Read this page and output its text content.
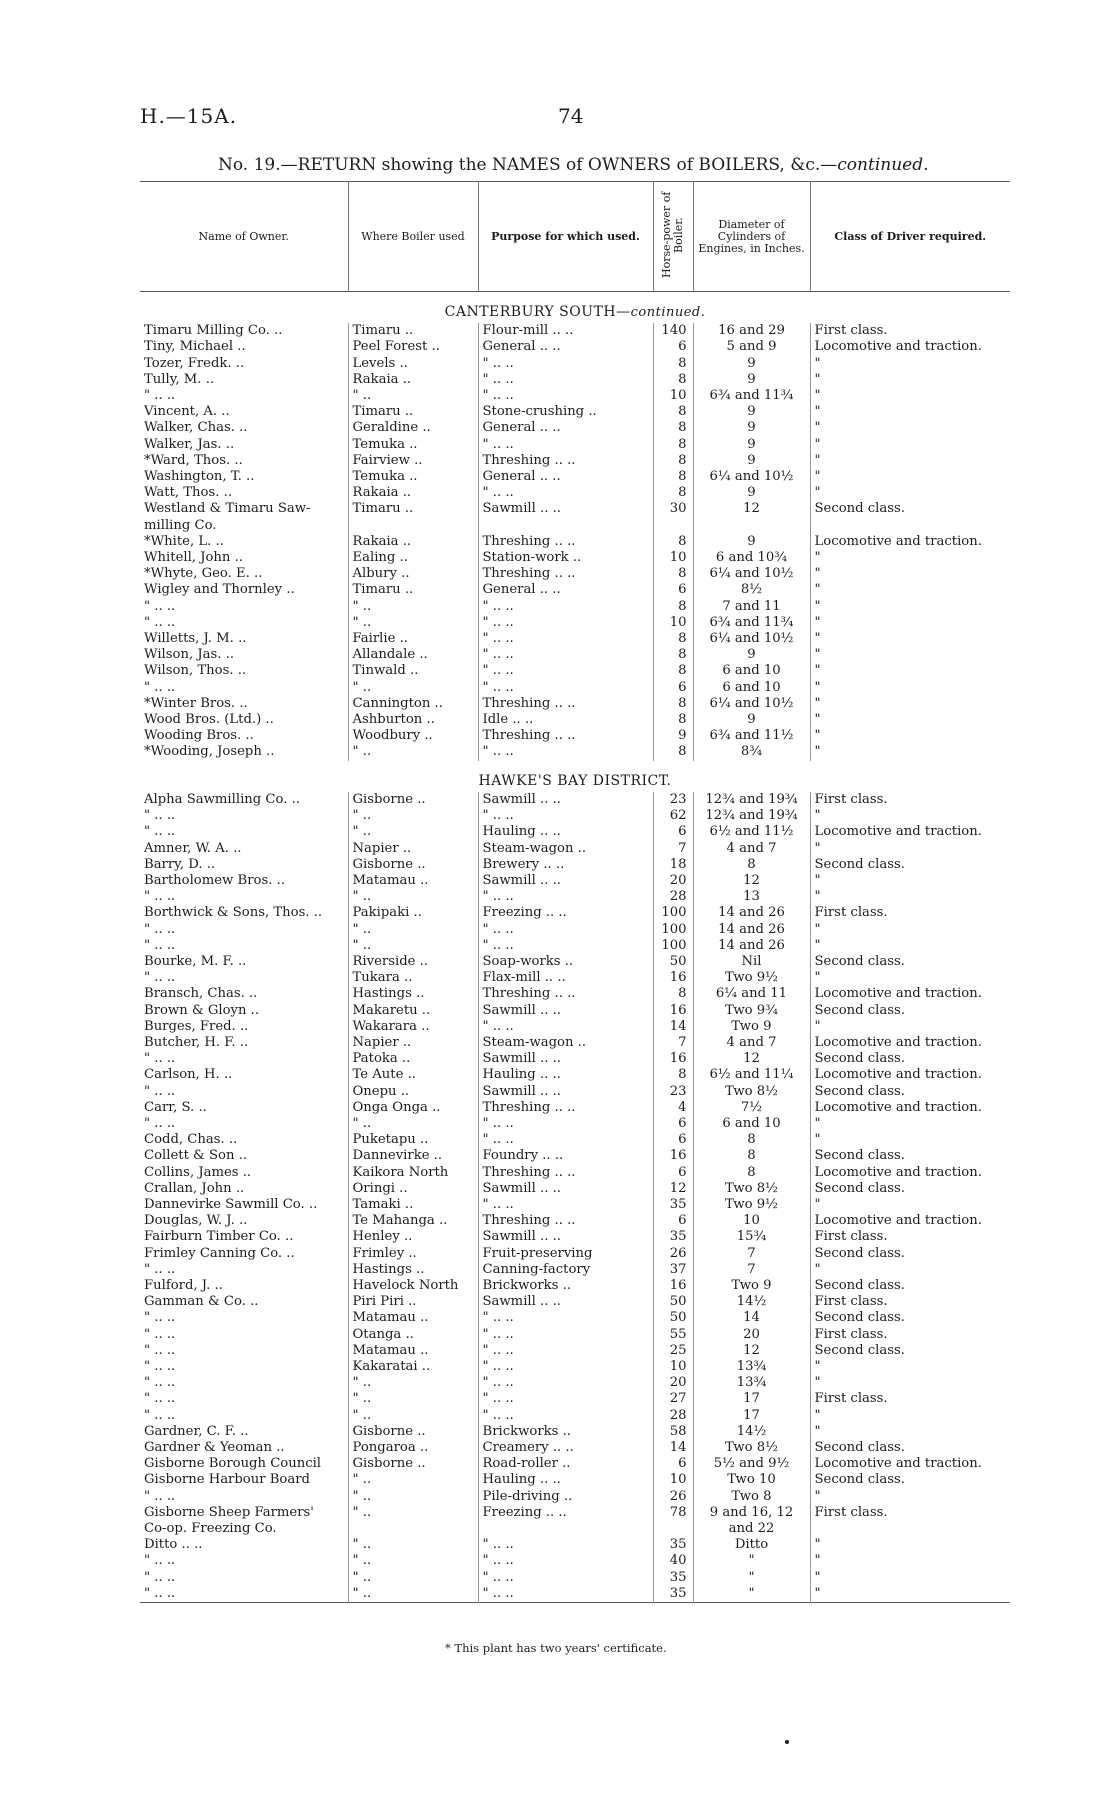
H.—15A.	74
No. 19.—RETURN showing the NAMES of OWNERS of BOILERS, &c.—continued.
Name of Owner.	Where Boiler used	Purpose for which used.	Horse-power of Boiler.	Diameter of Cylinders of Engines, in Inches.	Class of Driver required.
CANTERBURY SOUTH—continued.					
Timaru Milling Co. ..	Timaru ..	Flour-mill .. ..	140	16 and 29	First class.
Tiny, Michael ..	Peel Forest ..	General .. ..	6	5 and 9	Locomotive and traction.
Tozer, Fredk. ..	Levels ..	" .. ..	8	9	"
Tully, M. ..	Rakaia ..	" .. ..	8	9	"
" .. ..	" ..	" .. ..	10	6¾ and 11¾	"
Vincent, A. ..	Timaru ..	Stone-crushing ..	8	9	"
Walker, Chas. ..	Geraldine ..	General .. ..	8	9	"
Walker, Jas. ..	Temuka ..	" .. ..	8	9	"
*Ward, Thos. ..	Fairview ..	Threshing .. ..	8	9	"
Washington, T. ..	Temuka ..	General .. ..	8	6¼ and 10½	"
Watt, Thos. ..	Rakaia ..	" .. ..	8	9	"
Westland & Timaru Saw-	Timaru ..	Sawmill .. ..	30	12	Second class.
milling Co.					
*White, L. ..	Rakaia ..	Threshing .. ..	8	9	Locomotive and traction.
Whitell, John ..	Ealing ..	Station-work ..	10	6 and 10¾	"
*Whyte, Geo. E. ..	Albury ..	Threshing .. ..	8	6¼ and 10½	"
Wigley and Thornley ..	Timaru ..	General .. ..	6	8½	"
" .. ..	" ..	" .. ..	8	7 and 11	"
" .. ..	" ..	" .. ..	10	6¾ and 11¾	"
Willetts, J. M. ..	Fairlie ..	" .. ..	8	6¼ and 10½	"
Wilson, Jas. ..	Allandale ..	" .. ..	8	9	"
Wilson, Thos. ..	Tinwald ..	" .. ..	8	6 and 10	"
" .. ..	" ..	" .. ..	6	6 and 10	"
*Winter Bros. ..	Cannington ..	Threshing .. ..	8	6¼ and 10½	"
Wood Bros. (Ltd.) ..	Ashburton ..	Idle .. ..	8	9	"
Wooding Bros. ..	Woodbury ..	Threshing .. ..	9	6¾ and 11½	"
*Wooding, Joseph ..	" ..	" .. ..	8	8¾	"
HAWKE'S BAY DISTRICT.					
Alpha Sawmilling Co. ..	Gisborne ..	Sawmill .. ..	23	12¾ and 19¾	First class.
" .. ..	" ..	" .. ..	62	12¾ and 19¾	"
" .. ..	" ..	Hauling .. ..	6	6½ and 11½	Locomotive and traction.
Amner, W. A. ..	Napier ..	Steam-wagon ..	7	4 and 7	"
Barry, D. ..	Gisborne ..	Brewery .. ..	18	8	Second class.
Bartholomew Bros. ..	Matamau ..	Sawmill .. ..	20	12	"
" .. ..	" ..	" .. ..	28	13	"
Borthwick & Sons, Thos. ..	Pakipaki ..	Freezing .. ..	100	14 and 26	First class.
" .. ..	" ..	" .. ..	100	14 and 26	"
" .. ..	" ..	" .. ..	100	14 and 26	"
Bourke, M. F. ..	Riverside ..	Soap-works ..	50	Nil	Second class.
" .. ..	Tukara ..	Flax-mill .. ..	16	Two 9½	"
Bransch, Chas. ..	Hastings ..	Threshing .. ..	8	6¼ and 11	Locomotive and traction.
Brown & Gloyn ..	Makaretu ..	Sawmill .. ..	16	Two 9¾	Second class.
Burges, Fred. ..	Wakarara ..	" .. ..	14	Two 9	"
Butcher, H. F. ..	Napier ..	Steam-wagon ..	7	4 and 7	Locomotive and traction.
" .. ..	Patoka ..	Sawmill .. ..	16	12	Second class.
Carlson, H. ..	Te Aute ..	Hauling .. ..	8	6½ and 11¼	Locomotive and traction.
" .. ..	Onepu ..	Sawmill .. ..	23	Two 8½	Second class.
Carr, S. ..	Onga Onga ..	Threshing .. ..	4	7½	Locomotive and traction.
" .. ..	" ..	" .. ..	6	6 and 10	"
Codd, Chas. ..	Puketapu ..	" .. ..	6	8	"
Collett & Son ..	Dannevirke ..	Foundry .. ..	16	8	Second class.
Collins, James ..	Kaikora North	Threshing .. ..	6	8	Locomotive and traction.
Crallan, John ..	Oringi ..	Sawmill .. ..	12	Two 8½	Second class.
Dannevirke Sawmill Co. ..	Tamaki ..	" .. ..	35	Two 9½	"
Douglas, W. J. ..	Te Mahanga ..	Threshing .. ..	6	10	Locomotive and traction.
Fairburn Timber Co. ..	Henley ..	Sawmill .. ..	35	15¾	First class.
Frimley Canning Co. ..	Frimley ..	Fruit-preserving	26	7	Second class.
" .. ..	Hastings ..	Canning-factory	37	7	"
Fulford, J. ..	Havelock North	Brickworks ..	16	Two 9	Second class.
Gamman & Co. ..	Piri Piri ..	Sawmill .. ..	50	14½	First class.
" .. ..	Matamau ..	" .. ..	50	14	Second class.
" .. ..	Otanga ..	" .. ..	55	20	First class.
" .. ..	Matamau ..	" .. ..	25	12	Second class.
" .. ..	Kakaratai ..	" .. ..	10	13¾	"
" .. ..	" ..	" .. ..	20	13¾	"
" .. ..	" ..	" .. ..	27	17	First class.
" .. ..	" ..	" .. ..	28	17	"
Gardner, C. F. ..	Gisborne ..	Brickworks ..	58	14½	"
Gardner & Yeoman ..	Pongaroa ..	Creamery .. ..	14	Two 8½	Second class.
Gisborne Borough Council	Gisborne ..	Road-roller ..	6	5½ and 9½	Locomotive and traction.
Gisborne Harbour Board	" ..	Hauling .. ..	10	Two 10	Second class.
" .. ..	" ..	Pile-driving ..	26	Two 8	"
Gisborne Sheep Farmers'	" ..	Freezing .. ..	78	9 and 16, 12	First class.
Co-op. Freezing Co.				and 22	
Ditto .. ..	" ..	" .. ..	35	Ditto	"
" .. ..	" ..	" .. ..	40	"	"
" .. ..	" ..	" .. ..	35	"	"
" .. ..	" ..	" .. ..	35	"	"

* This plant has two years' certificate.
